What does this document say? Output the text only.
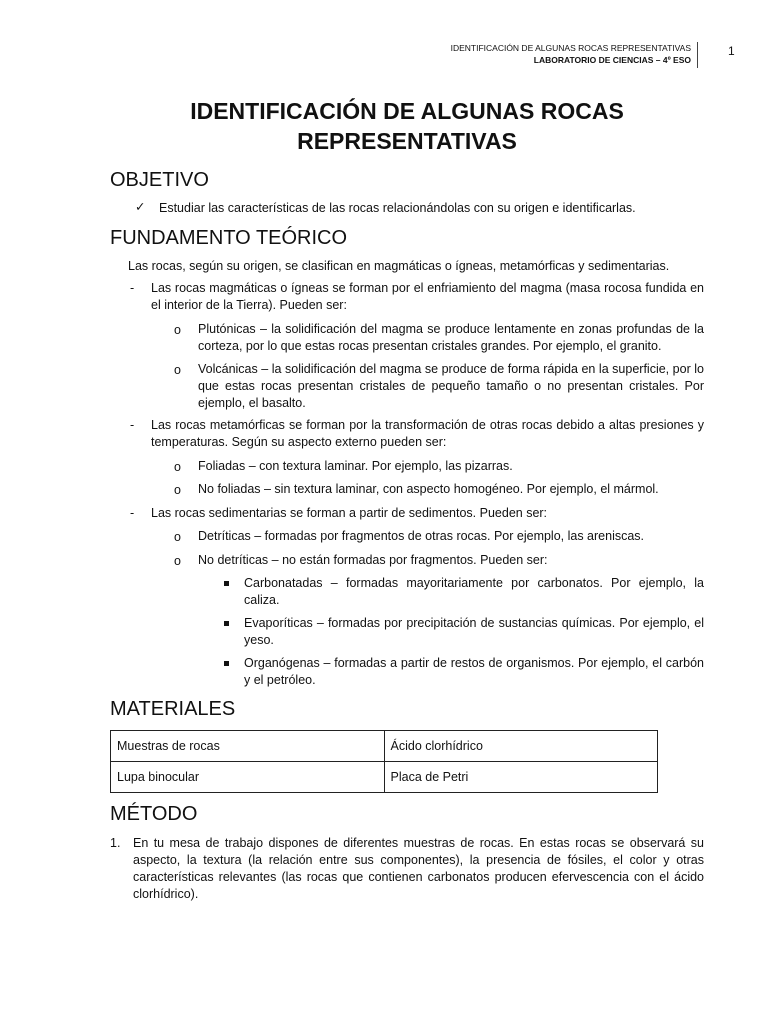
IDENTIFICACIÓN DE ALGUNAS ROCAS REPRESENTATIVAS
LABORATORIO DE CIENCIAS – 4º ESO
1
IDENTIFICACIÓN DE ALGUNAS ROCAS
REPRESENTATIVAS
OBJETIVO
✓ Estudiar las características de las rocas relacionándolas con su origen e identificarlas.
FUNDAMENTO TEÓRICO
Las rocas, según su origen, se clasifican en magmáticas o ígneas, metamórficas y sedimentarias.
- Las rocas magmáticas o ígneas se forman por el enfriamiento del magma (masa rocosa fundida en el interior de la Tierra). Pueden ser:
o Plutónicas – la solidificación del magma se produce lentamente en zonas profundas de la corteza, por lo que estas rocas presentan cristales grandes. Por ejemplo, el granito.
o Volcánicas – la solidificación del magma se produce de forma rápida en la superficie, por lo que estas rocas presentan cristales de pequeño tamaño o no presentan cristales. Por ejemplo, el basalto.
- Las rocas metamórficas se forman por la transformación de otras rocas debido a altas presiones y temperaturas. Según su aspecto externo pueden ser:
o Foliadas – con textura laminar. Por ejemplo, las pizarras.
o No foliadas – sin textura laminar, con aspecto homogéneo. Por ejemplo, el mármol.
- Las rocas sedimentarias se forman a partir de sedimentos. Pueden ser:
o Detríticas – formadas por fragmentos de otras rocas. Por ejemplo, las areniscas.
o No detríticas – no están formadas por fragmentos. Pueden ser:
Carbonatadas – formadas mayoritariamente por carbonatos. Por ejemplo, la caliza.
Evaporíticas – formadas por precipitación de sustancias químicas. Por ejemplo, el yeso.
Organógenas – formadas a partir de restos de organismos. Por ejemplo, el carbón y el petróleo.
MATERIALES
Muestras de rocas	Ácido clorhídrico
Lupa binocular	Placa de Petri
MÉTODO
1. En tu mesa de trabajo dispones de diferentes muestras de rocas. En estas rocas se observará su aspecto, la textura (la relación entre sus componentes), la presencia de fósiles, el color y otras características relevantes (las rocas que contienen carbonatos producen efervescencia con el ácido clorhídrico).
